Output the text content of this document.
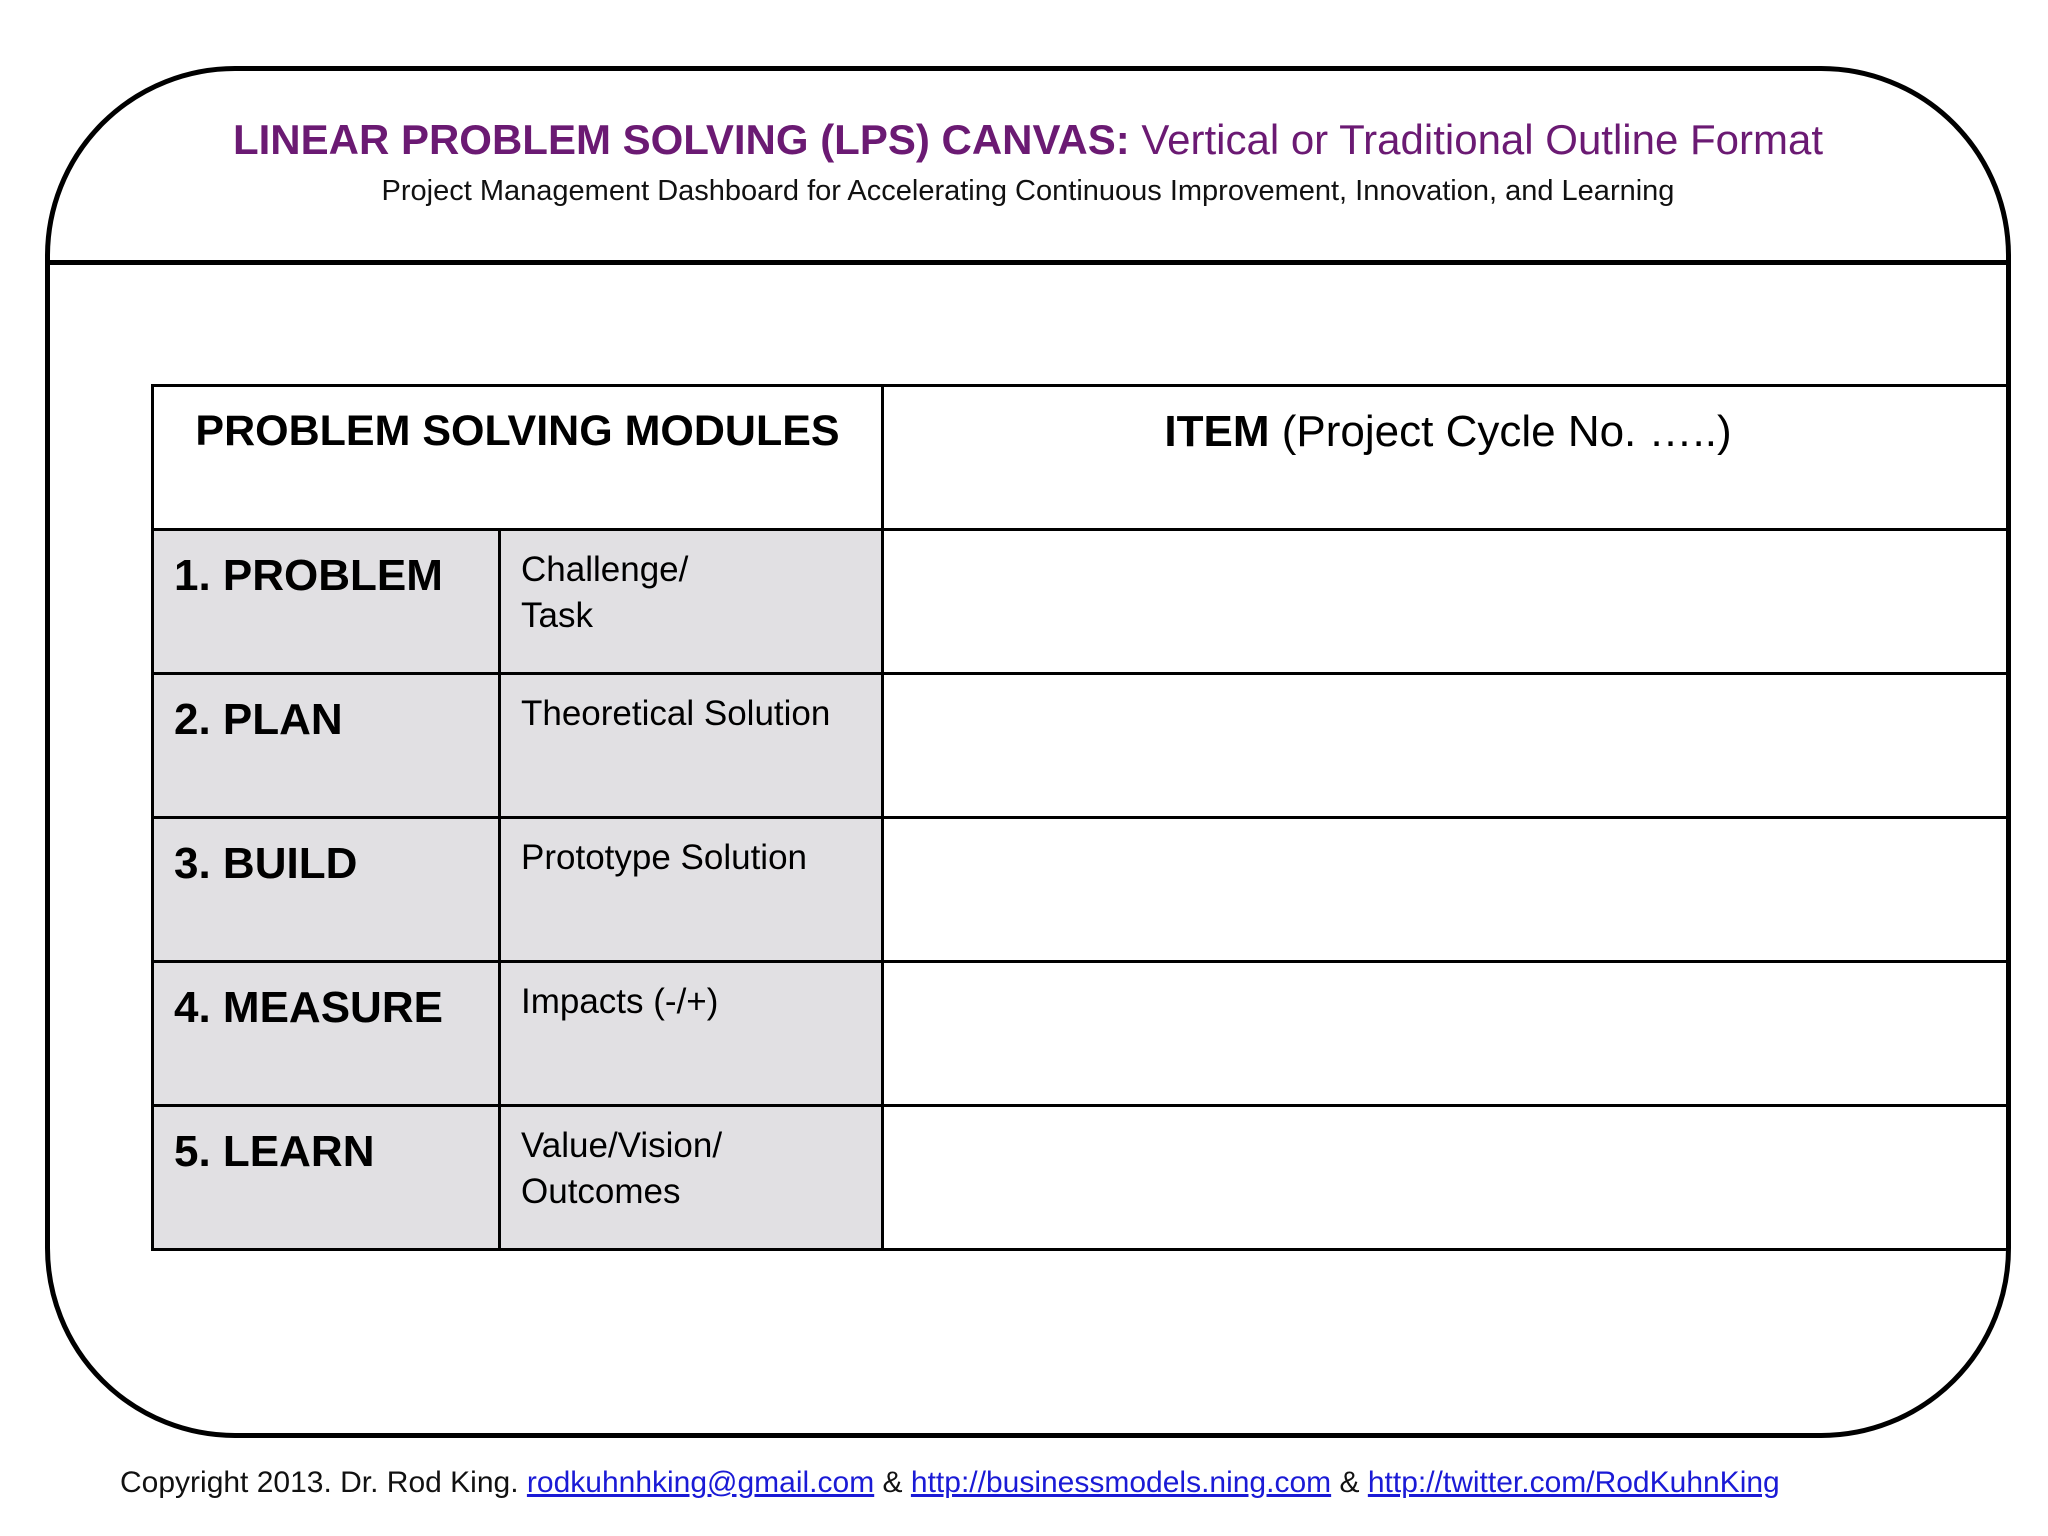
LINEAR PROBLEM SOLVING (LPS) CANVAS: Vertical or Traditional Outline Format
Project Management Dashboard for Accelerating Continuous Improvement, Innovation, and Learning
PROBLEM SOLVING MODULES		ITEM (Project Cycle No. …..)
1. PROBLEM	Challenge/
Task	
2. PLAN	Theoretical Solution	
3. BUILD	Prototype Solution	
4. MEASURE	Impacts (-/+)	
5. LEARN	Value/Vision/
Outcomes	
Copyright 2013. Dr. Rod King. rodkuhnhking@gmail.com & http://businessmodels.ning.com & http://twitter.com/RodKuhnKing
